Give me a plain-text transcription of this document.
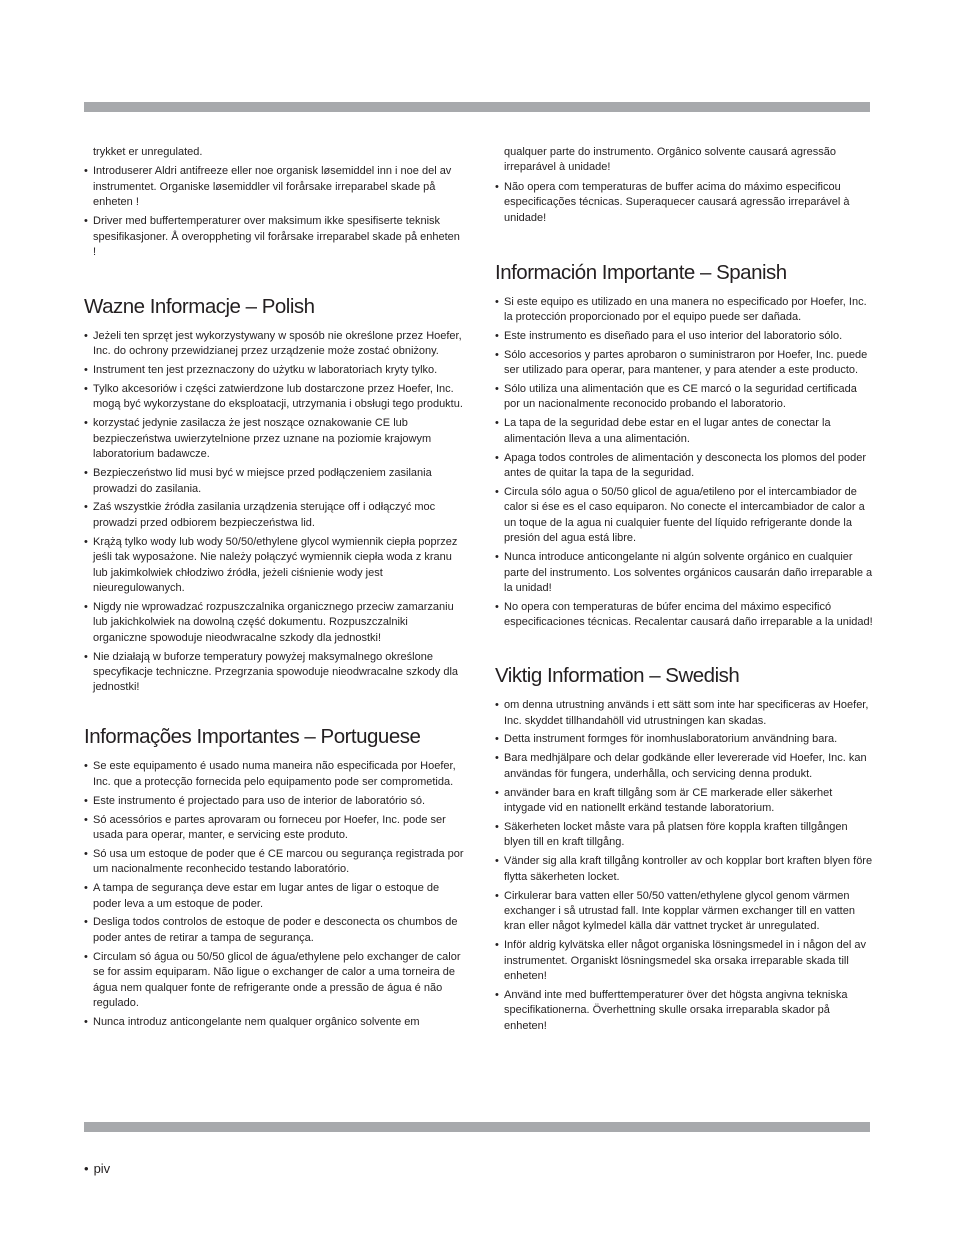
trykket er unregulated.

• Introduserer Aldri antifreeze eller noe organisk løsemiddel inn i noe del av instrumentet. Organiske løsemiddler vil forårsake irreparabel skade på enheten !
• Driver med buffertemperaturer over maksimum ikke spesifiserte teknisk spesifikasjoner. Å overoppheting vil forårsake irreparabel skade på enheten !
Wazne Informacje – Polish
• Jeżeli ten sprzęt jest wykorzystywany w sposób nie określone przez Hoefer, Inc. do ochrony przewidzianej przez urządzenie może zostać obniżony.
• Instrument ten jest przeznaczony do użytku w laboratoriach kryty tylko.
• Tylko akcesoriów i części zatwierdzone lub dostarczone przez Hoefer, Inc. mogą być wykorzystane do eksploatacji, utrzymania i obsługi tego produktu.
• korzystać jedynie zasilacza że jest noszące oznakowanie CE lub bezpieczeństwa uwierzytelnione przez uznane na poziomie krajowym laboratorium badawcze.
• Bezpieczeństwo lid musi być w miejsce przed podłączeniem zasilania prowadzi do zasilania.
• Zaś wszystkie źródła zasilania urządzenia sterujące off i odłączyć moc prowadzi przed odbiorem bezpieczeństwa lid.
• Krążą tylko wody lub wody 50/50/ethylene glycol wymiennik ciepła poprzez jeśli tak wyposażone. Nie należy połączyć wymiennik ciepła woda z kranu lub jakimkolwiek chłodziwo źródła, jeżeli ciśnienie wody jest nieuregulowanych.
• Nigdy nie wprowadzać rozpuszczalnika organicznego przeciw zamarzaniu lub jakichkolwiek na dowolną część dokumentu. Rozpuszczalniki organiczne spowoduje nieodwracalne szkody dla jednostki!
• Nie działają w buforze temperatury powyżej maksymalnego określone specyfikacje techniczne. Przegrzania spowoduje nieodwracalne szkody dla jednostki!
Informações Importantes – Portuguese
• Se este equipamento é usado numa maneira não especificada por Hoefer, Inc. que a protecção fornecida pelo equipamento pode ser comprometida.
• Este instrumento é projectado para uso de interior de laboratório só.
• Só acessórios e partes aprovaram ou forneceu por Hoefer, Inc. pode ser usada para operar, manter, e servicing este produto.
• Só usa um estoque de poder que é CE marcou ou segurança registrada por um nacionalmente reconhecido testando laboratório.
• A tampa de segurança deve estar em lugar antes de ligar o estoque de poder leva a um estoque de poder.
• Desliga todos controlos de estoque de poder e desconecta os chumbos de poder antes de retirar a tampa de segurança.
• Circulam só água ou 50/50 glicol de água/ethylene pelo exchanger de calor se for assim equiparam. Não ligue o exchanger de calor a uma torneira de água nem qualquer fonte de refrigerante onde a pressão de água é não regulado.
• Nunca introduz anticongelante nem qualquer orgânico solvente em

qualquer parte do instrumento. Orgânico solvente causará agressão irreparável à unidade!

• Não opera com temperaturas de buffer acima do máximo especificou especificações técnicas. Superaquecer causará agressão irreparável à unidade!
Información Importante – Spanish
• Si este equipo es utilizado en una manera no especificado por Hoefer, Inc. la protección proporcionado por el equipo puede ser dañada.
• Este instrumento es diseñado para el uso interior del laboratorio sólo.
• Sólo accesorios y partes aprobaron o suministraron por Hoefer, Inc. puede ser utilizado para operar, para mantener, y para atender a este producto.
• Sólo utiliza una alimentación que es CE marcó o la seguridad certificada por un nacionalmente reconocido probando el laboratorio.
• La tapa de la seguridad debe estar en el lugar antes de conectar la alimentación lleva a una alimentación.
• Apaga todos controles de alimentación y desconecta los plomos del poder antes de quitar la tapa de la seguridad.
• Circula sólo agua o 50/50 glicol de agua/etileno por el intercambiador de calor si ése es el caso equiparon. No conecte el intercambiador de calor a un toque de la agua ni cualquier fuente del líquido refrigerante donde la presión del agua está libre.
• Nunca introduce anticongelante ni algún solvente orgánico en cualquier parte del instrumento. Los solventes orgánicos causarán daño irreparable a la unidad!
• No opera con temperaturas de búfer encima del máximo especificó especificaciones técnicas. Recalentar causará daño irreparable a la unidad!
Viktig Information – Swedish
• om denna utrustning används i ett sätt som inte har specificeras av Hoefer, Inc. skyddet tillhandahöll vid utrustningen kan skadas.
• Detta instrument formges för inomhuslaboratorium användning bara.
• Bara medhjälpare och delar godkände eller levererade vid Hoefer, Inc. kan användas för fungera, underhålla, och servicing denna produkt.
• använder bara en kraft tillgång som är CE markerade eller säkerhet intygade vid en nationellt erkänd testande laboratorium.
• Säkerheten locket måste vara på platsen före koppla kraften tillgången blyen till en kraft tillgång.
• Vänder sig alla kraft tillgång kontroller av och kopplar bort kraften blyen före flytta säkerheten locket.
• Cirkulerar bara vatten eller 50/50 vatten/ethylene glycol genom värmen exchanger i så utrustad fall. Inte kopplar värmen exchanger till en vatten kran eller något kylmedel källa där vattnet trycket är unregulated.
• Inför aldrig kylvätska eller något organiska lösningsmedel in i någon del av instrumentet. Organiskt lösningsmedel ska orsaka irreparable skada till enheten!
• Använd inte med bufferttemperaturer över det högsta angivna tekniska specifikationerna. Överhettning skulle orsaka irreparabla skador på enheten!
• piv
